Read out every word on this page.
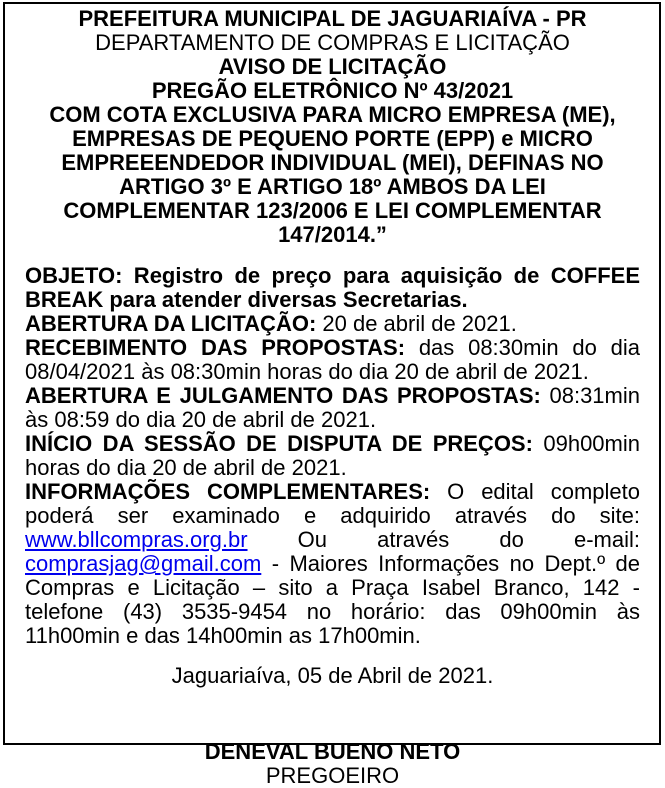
PREFEITURA MUNICIPAL DE JAGUARIAÍVA - PR
DEPARTAMENTO DE COMPRAS E LICITAÇÃO
AVISO DE LICITAÇÃO
PREGÃO ELETRÔNICO Nº 43/2021
COM COTA EXCLUSIVA PARA MICRO EMPRESA (ME), EMPRESAS DE PEQUENO PORTE (EPP) e MICRO EMPREEENDEDOR INDIVIDUAL (MEI), DEFINAS NO ARTIGO 3º E ARTIGO 18º AMBOS DA LEI COMPLEMENTAR 123/2006 E LEI COMPLEMENTAR 147/2014.”

OBJETO: Registro de preço para aquisição de COFFEE BREAK para atender diversas Secretarias.

ABERTURA DA LICITAÇÃO: 20 de abril de 2021.

RECEBIMENTO DAS PROPOSTAS: das 08:30min do dia 08/04/2021 às 08:30min horas do dia 20 de abril de 2021.

ABERTURA E JULGAMENTO DAS PROPOSTAS: 08:31min às 08:59 do dia 20 de abril de 2021.

INÍCIO DA SESSÃO DE DISPUTA DE PREÇOS: 09h00min horas do dia 20 de abril de 2021.

INFORMAÇÕES COMPLEMENTARES: O edital completo poderá ser examinado e adquirido através do site: www.bllcompras.org.br Ou através do e-mail: comprasjag@gmail.com - Maiores Informações no Dept.º de Compras e Licitação – sito a Praça Isabel Branco, 142 - telefone (43) 3535-9454 no horário: das 09h00min às 11h00min e das 14h00min as 17h00min.

Jaguariaíva, 05 de Abril de 2021.
DENEVAL BUENO NETO
PREGOEIRO
